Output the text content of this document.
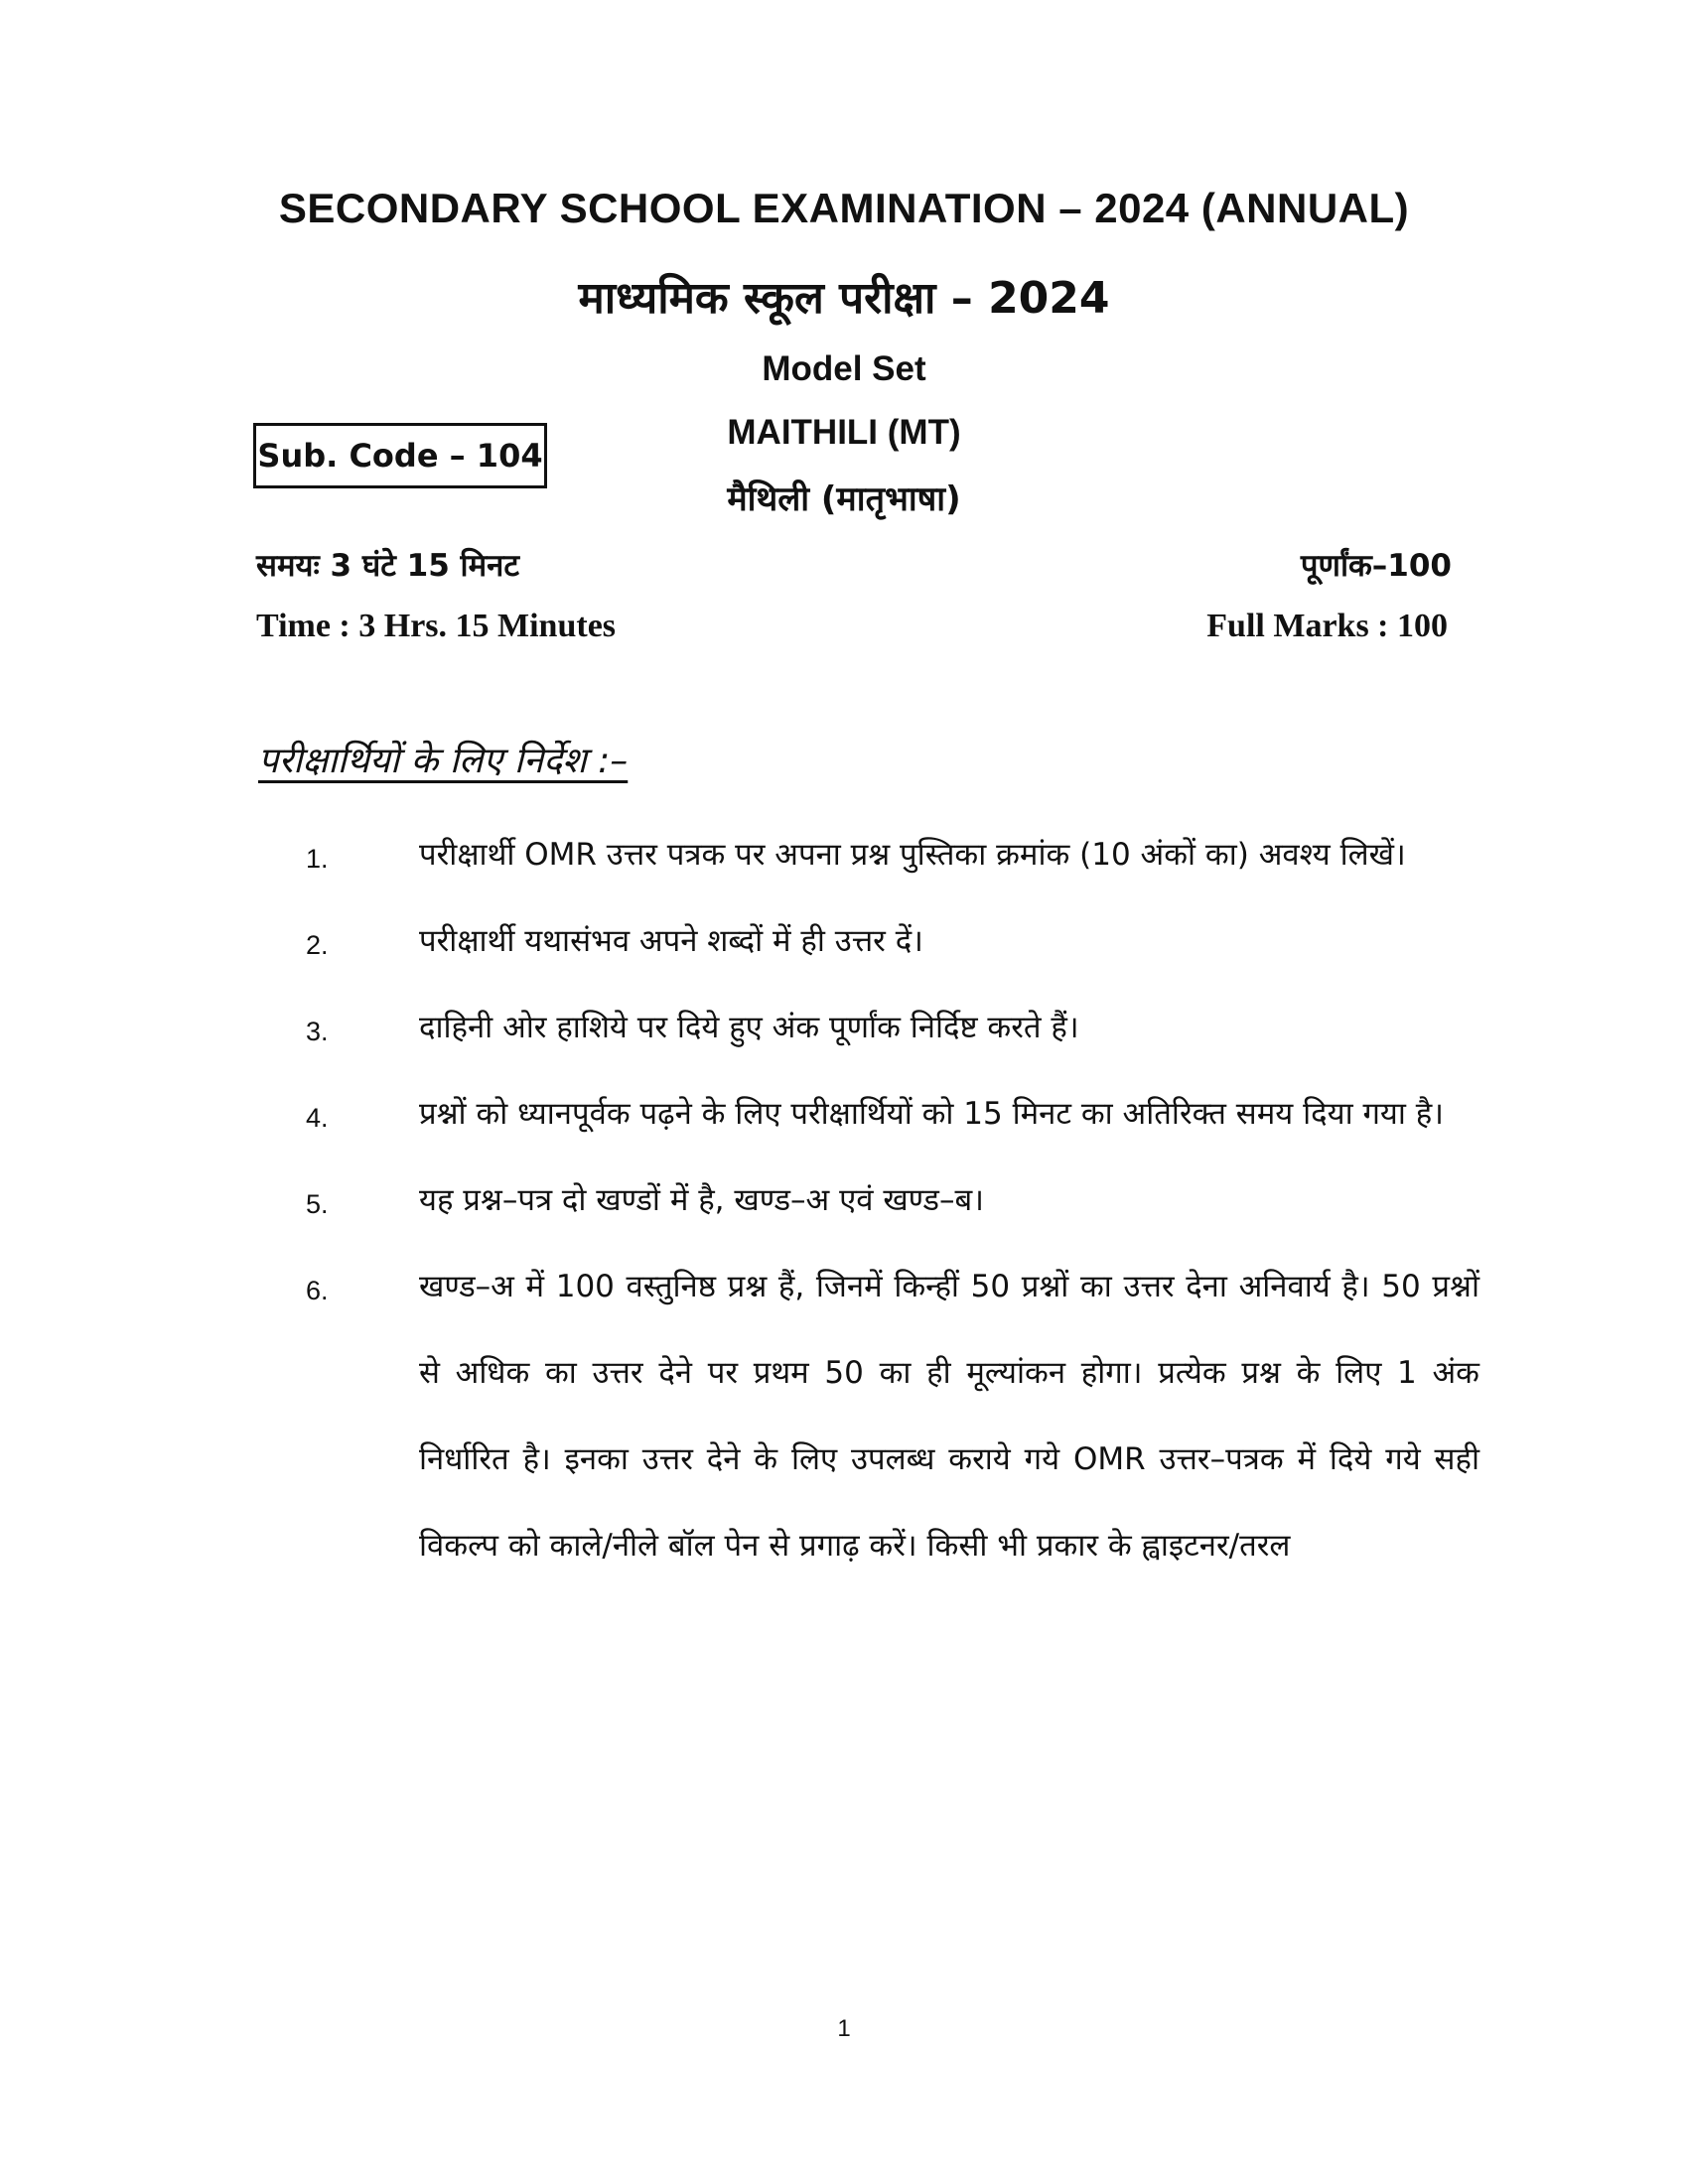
SECONDARY SCHOOL EXAMINATION – 2024 (ANNUAL)
माध्यमिक स्कूल परीक्षा – 2024
Model Set
Sub. Code – 104
MAITHILI (MT)
मैथिली (मातृभाषा)
समयः 3 घंटे 15 मिनट	पूर्णांक–100
Time : 3 Hrs. 15 Minutes	Full Marks : 100
परीक्षार्थियों के लिए निर्देश :–
1.	परीक्षार्थी OMR उत्तर पत्रक पर अपना प्रश्न पुस्तिका क्रमांक (10 अंकों का) अवश्य लिखें।
2.	परीक्षार्थी यथासंभव अपने शब्दों में ही उत्तर दें।
3.	दाहिनी ओर हाशिये पर दिये हुए अंक पूर्णांक निर्दिष्ट करते हैं।
4.	प्रश्नों को ध्यानपूर्वक पढ़ने के लिए परीक्षार्थियों को 15 मिनट का अतिरिक्त समय दिया गया है।
5.	यह प्रश्न–पत्र दो खण्डों में है, खण्ड–अ एवं खण्ड–ब।
6.	खण्ड–अ में 100 वस्तुनिष्ठ प्रश्न हैं, जिनमें किन्हीं 50 प्रश्नों का उत्तर देना अनिवार्य है। 50 प्रश्नों से अधिक का उत्तर देने पर प्रथम 50 का ही मूल्यांकन होगा। प्रत्येक प्रश्न के लिए 1 अंक निर्धारित है। इनका उत्तर देने के लिए उपलब्ध कराये गये OMR उत्तर–पत्रक में दिये गये सही विकल्प को काले/नीले बॉल पेन से प्रगाढ़ करें। किसी भी प्रकार के ह्वाइटनर/तरल
1
